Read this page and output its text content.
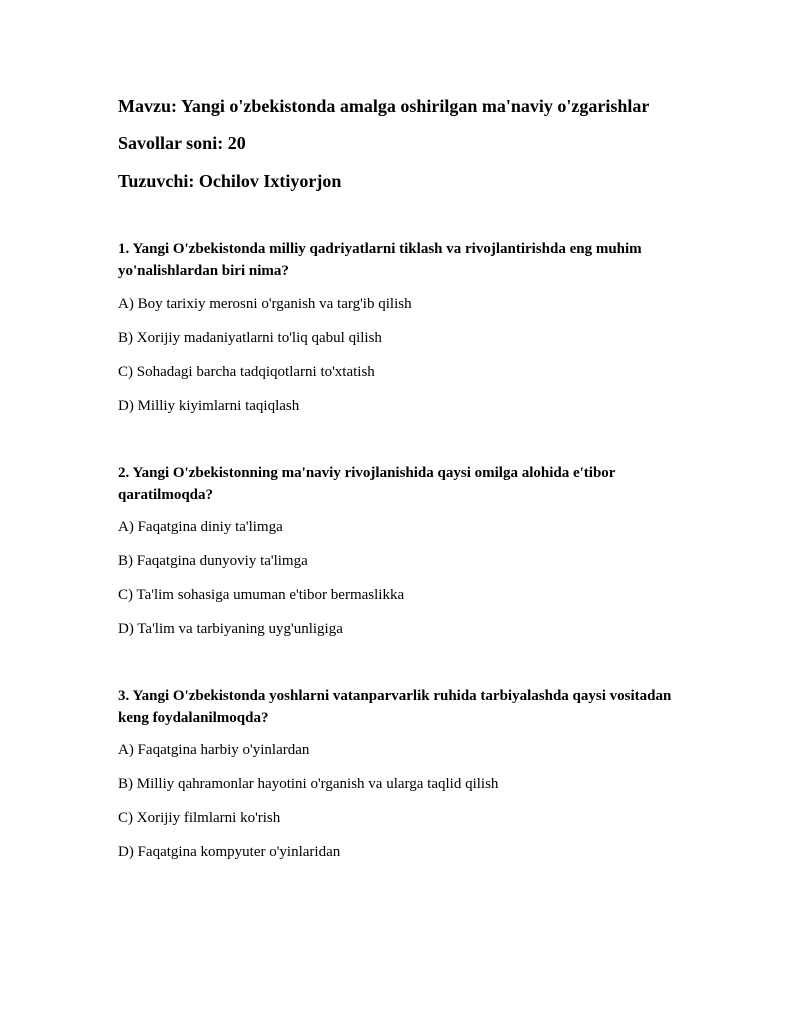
Mavzu: Yangi o'zbekistonda amalga oshirilgan ma'naviy o'zgarishlar
Savollar soni: 20
Tuzuvchi: Ochilov Ixtiyorjon

1. Yangi O'zbekistonda milliy qadriyatlarni tiklash va rivojlantirishda eng muhim yo'nalishlardan biri nima?

A) Boy tarixiy merosni o'rganish va targ'ib qilish

B) Xorijiy madaniyatlarni to'liq qabul qilish

C) Sohadagi barcha tadqiqotlarni to'xtatish

D) Milliy kiyimlarni taqiqlash

2. Yangi O'zbekistonning ma'naviy rivojlanishida qaysi omilga alohida e'tibor qaratilmoqda?

A) Faqatgina diniy ta'limga

B) Faqatgina dunyoviy ta'limga

C) Ta'lim sohasiga umuman e'tibor bermaslikka

D) Ta'lim va tarbiyaning uyg'unligiga

3. Yangi O'zbekistonda yoshlarni vatanparvarlik ruhida tarbiyalashda qaysi vositadan keng foydalanilmoqda?

A) Faqatgina harbiy o'yinlardan

B) Milliy qahramonlar hayotini o'rganish va ularga taqlid qilish

C) Xorijiy filmlarni ko'rish

D) Faqatgina kompyuter o'yinlaridan
